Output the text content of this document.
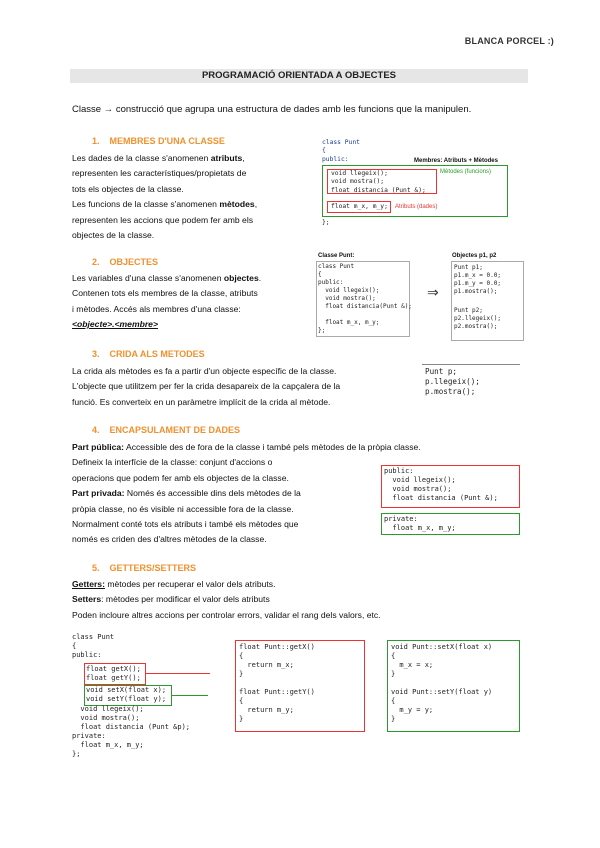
BLANCA PORCEL :)
PROGRAMACIÓ ORIENTADA A OBJECTES
Classe → construcció que agrupa una estructura de dades amb les funcions que la manipulen.
1. MEMBRES D'UNA CLASSE
Les dades de la classe s'anomenen atributs,
representen les característiques/propietats de
tots els objectes de la classe.
Les funcions de la classe s'anomenen mètodes,
representen les accions que podem fer amb els
objectes de la classe.
class Punt
{
public:	Membres: Atributs + Mètodes
void llegeix();
void mostra();
float distancia (Punt &);
Mètodes (funcions)
float m_x, m_y; Atributs (dades)
};
2. OBJECTES
Les variables d'una classe s'anomenen objectes.
Contenen tots els membres de la classe, atributs
i mètodes. Accés als membres d'una classe:
<objecte>.<membre>
Classe Punt:
class Punt
{
public:
void llegeix();
void mostra();
float distancia(Punt &);

float m_x, m_y;
};
⇒
Objectes p1, p2
Punt p1;
p1.m_x = 0.0;
p1.m_y = 0.0;
p1.mostra();
Punt p2;
p2.llegeix();
p2.mostra();
3. CRIDA ALS METODES
La crida als mètodes es fa a partir d'un objecte específic de la classe.
L'objecte que utilitzem per fer la crida desapareix de la capçalera de la
funció. Es converteix en un paràmetre implícit de la crida al mètode.
Punt p;
p.llegeix();
p.mostra();
4. ENCAPSULAMENT DE DADES
Part pública: Accessible des de fora de la classe i també pels mètodes de la pròpia classe.
Defineix la interfície de la classe: conjunt d'accions o
operacions que podem fer amb els objectes de la classe.
Part privada: Només és accessible dins dels mètodes de la
pròpia classe, no és visible ni accessible fora de la classe.
Normalment conté tots els atributs i també els mètodes que
només es criden des d'altres mètodes de la classe.
public:
void llegeix();
void mostra();
float distancia (Punt &);
private:
float m_x, m_y;
5. GETTERS/SETTERS
Getters: mètodes per recuperar el valor dels atributs.
Setters: mètodes per modificar el valor dels atributs
Poden incloure altres accions per controlar errors, validar el rang dels valors, etc.
class Punt
{
public:
float getX();
float getY();
void setX(float x);
void setY(float y);
void llegeix();
void mostra();
float distancia (Punt &p);
private:
float m_x, m_y;
};
float Punt::getX()
{
return m_x;
}

float Punt::getY()
{
return m_y;
}
void Punt::setX(float x)
{
m_x = x;
}

void Punt::setY(float y)
{
m_y = y;
}
